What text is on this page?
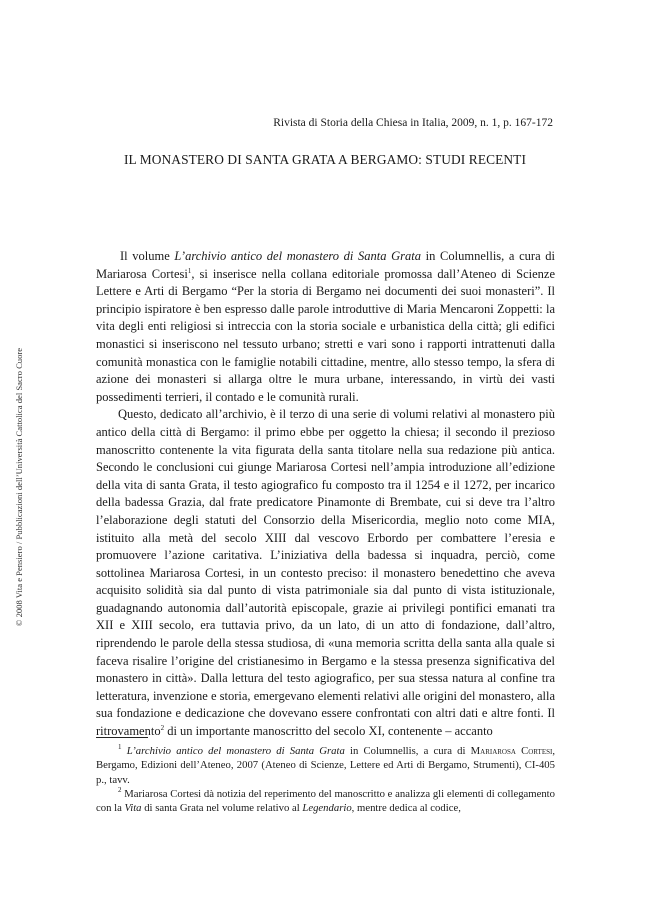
Rivista di Storia della Chiesa in Italia, 2009, n. 1, p. 167-172
IL MONASTERO DI SANTA GRATA A BERGAMO: STUDI RECENTI

Il volume L’archivio antico del monastero di Santa Grata in Columnellis, a cura di Mariarosa Cortesi$^1$, si inserisce nella collana editoriale promossa dall’Ateneo di Scienze Lettere e Arti di Bergamo “Per la storia di Bergamo nei documenti dei suoi monasteri”. Il principio ispiratore è ben espresso dalle parole introduttive di Maria Mencaroni Zoppetti: la vita degli enti religiosi si intreccia con la storia sociale e urbanistica della città; gli edifici monastici si inseriscono nel tessuto urbano; stretti e vari sono i rapporti intrattenuti dalla comunità monastica con le famiglie notabili cittadine, mentre, allo stesso tempo, la sfera di azione dei monasteri si allarga oltre le mura urbane, interessando, in virtù dei vasti possedimenti terrieri, il contado e le comunità rurali.

Questo, dedicato all’archivio, è il terzo di una serie di volumi relativi al monastero più antico della città di Bergamo: il primo ebbe per oggetto la chiesa; il secondo il prezioso manoscritto contenente la vita figurata della santa titolare nella sua redazione più antica. Secondo le conclusioni cui giunge Mariarosa Cortesi nell’ampia introduzione all’edizione della vita di santa Grata, il testo agiografico fu composto tra il 1254 e il 1272, per incarico della badessa Grazia, dal frate predicatore Pinamonte di Brembate, cui si deve tra l’altro l’elaborazione degli statuti del Consorzio della Misericordia, meglio noto come MIA, istituito alla metà del secolo XIII dal vescovo Erbordo per combattere l’eresia e promuovere l’azione caritativa. L’iniziativa della badessa si inquadra, perciò, come sottolinea Mariarosa Cortesi, in un contesto preciso: il monastero benedettino che aveva acquisito solidità sia dal punto di vista patrimoniale sia dal punto di vista istituzionale, guadagnando autonomia dall’autorità episcopale, grazie ai privilegi pontifici emanati tra XII e XIII secolo, era tuttavia privo, da un lato, di un atto di fondazione, dall’altro, riprendendo le parole della stessa studiosa, di «una memoria scritta della santa alla quale si faceva risalire l’origine del cristianesimo in Bergamo e la stessa presenza significativa del monastero in città». Dalla lettura del testo agiografico, per sua stessa natura al confine tra letteratura, invenzione e storia, emergevano elementi relativi alle origini del monastero, alla sua fondazione e dedicazione che dovevano essere confrontati con altri dati e altre fonti. Il ritrovamento$^2$ di un importante manoscritto del secolo XI, contenente – accanto

$^1$ L’archivio antico del monastero di Santa Grata in Columnellis, a cura di Mariarosa Cortesi, Bergamo, Edizioni dell’Ateneo, 2007 (Ateneo di Scienze, Lettere ed Arti di Bergamo, Strumenti), CI-405 p., tavv.

$^2$ Mariarosa Cortesi dà notizia del reperimento del manoscritto e analizza gli elementi di collegamento con la Vita di santa Grata nel volume relativo al Legendario, mentre dedica al codice,

© 2008 Vita e Pensiero / Pubblicazioni dell’Università Cattolica del Sacro Cuore
